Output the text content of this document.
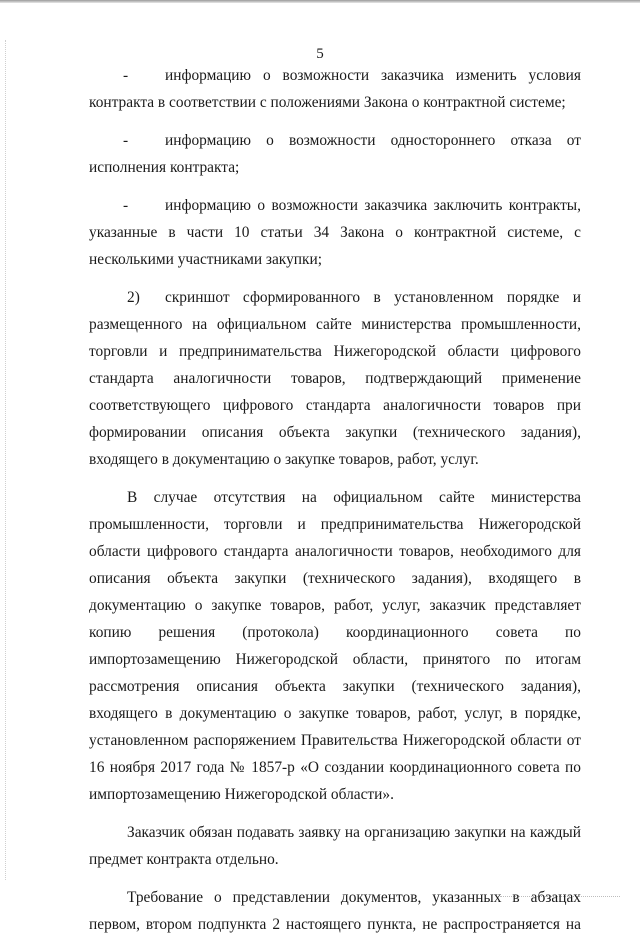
5
-	информацию о возможности заказчика изменить условия
контракта в соответствии с положениями Закона о контрактной системе;
-	информацию о возможности одностороннего отказа от
исполнения контракта;
-	информацию о возможности заказчика заключить контракты,
указанные в части 10 статьи 34 Закона о контрактной системе, с
несколькими участниками закупки;
2)	скриншот сформированного в установленном порядке и
размещенного на официальном сайте министерства промышленности,
торговли и предпринимательства Нижегородской области цифрового
стандарта аналогичности товаров, подтверждающий применение
соответствующего цифрового стандарта аналогичности товаров при
формировании описания объекта закупки (технического задания),
входящего в документацию о закупке товаров, работ, услуг.
В случае отсутствия на официальном сайте министерства
промышленности, торговли и предпринимательства Нижегородской
области цифрового стандарта аналогичности товаров, необходимого для
описания объекта закупки (технического задания), входящего в
документацию о закупке товаров, работ, услуг, заказчик представляет
копию решения (протокола) координационного совета по
импортозамещению Нижегородской области, принятого по итогам
рассмотрения описания объекта закупки (технического задания),
входящего в документацию о закупке товаров, работ, услуг, в порядке,
установленном распоряжением Правительства Нижегородской области от
16 ноября 2017 года № 1857-р «О создании координационного совета по
импортозамещению Нижегородской области».
Заказчик обязан подавать заявку на организацию закупки на каждый
предмет контракта отдельно.
Требование о представлении документов, указанных в абзацах
первом, втором подпункта 2 настоящего пункта, не распространяется на
